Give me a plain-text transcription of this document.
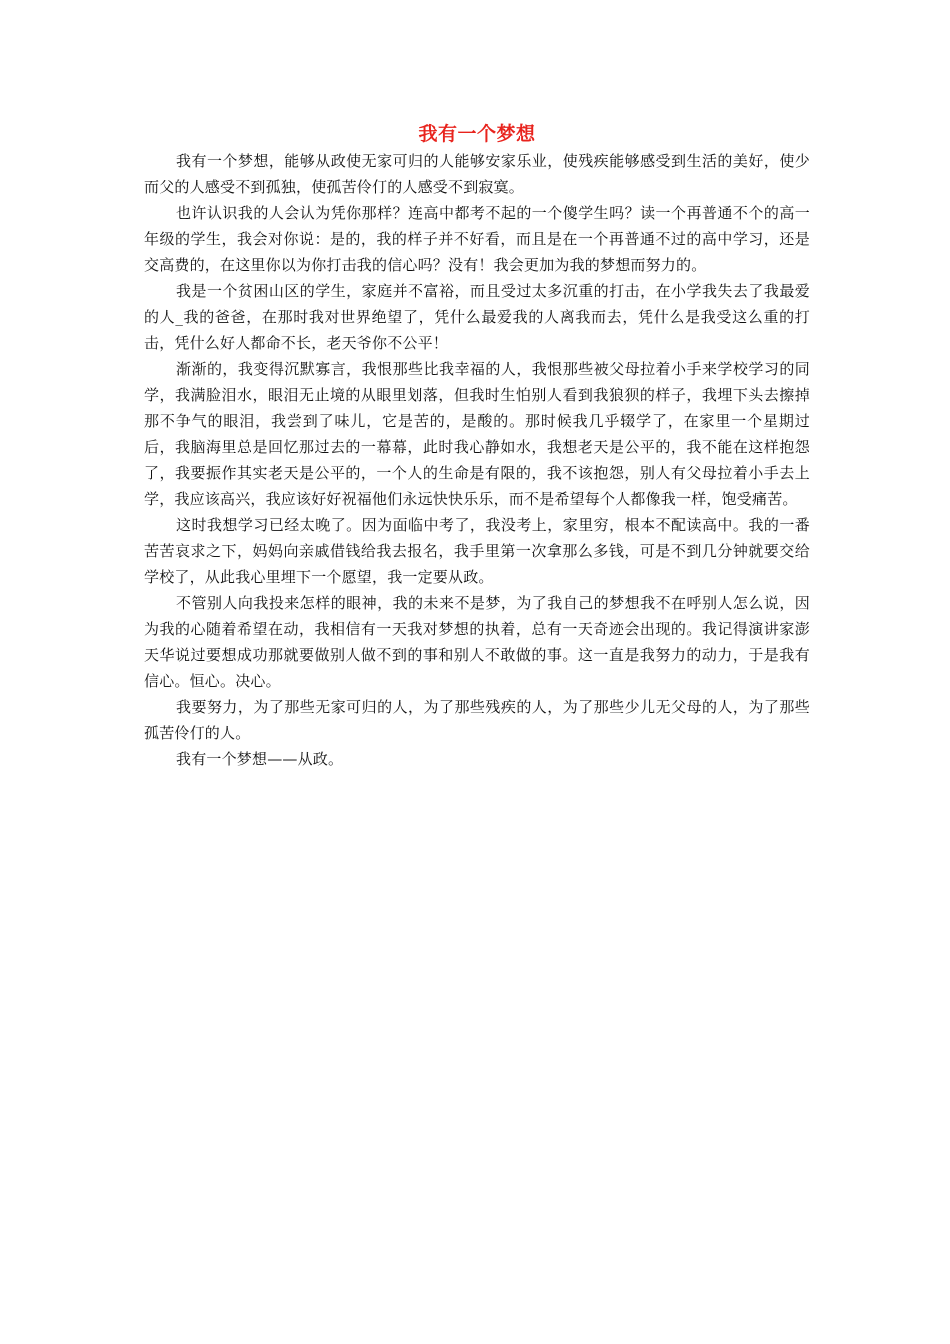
我有一个梦想

我有一个梦想，能够从政使无家可归的人能够安家乐业，使残疾能够感受到生活的美好，使少而父的人感受不到孤独，使孤苦伶仃的人感受不到寂寞。

也许认识我的人会认为凭你那样？连高中都考不起的一个傻学生吗？读一个再普通不个的高一年级的学生，我会对你说：是的，我的样子并不好看，而且是在一个再普通不过的高中学习，还是交高费的，在这里你以为你打击我的信心吗？没有！我会更加为我的梦想而努力的。

我是一个贫困山区的学生，家庭并不富裕，而且受过太多沉重的打击，在小学我失去了我最爱的人_我的爸爸，在那时我对世界绝望了，凭什么最爱我的人离我而去，凭什么是我受这么重的打击，凭什么好人都命不长，老天爷你不公平！

渐渐的，我变得沉默寡言，我恨那些比我幸福的人，我恨那些被父母拉着小手来学校学习的同学，我满脸泪水，眼泪无止境的从眼里划落，但我时生怕别人看到我狼狈的样子，我埋下头去擦掉那不争气的眼泪，我尝到了味儿，它是苦的，是酸的。那时候我几乎辍学了，在家里一个星期过后，我脑海里总是回忆那过去的一幕幕，此时我心静如水，我想老天是公平的，我不能在这样抱怨了，我要振作其实老天是公平的，一个人的生命是有限的，我不该抱怨，别人有父母拉着小手去上学，我应该高兴，我应该好好祝福他们永远快快乐乐，而不是希望每个人都像我一样，饱受痛苦。

这时我想学习已经太晚了。因为面临中考了，我没考上，家里穷，根本不配读高中。我的一番苦苦哀求之下，妈妈向亲戚借钱给我去报名，我手里第一次拿那么多钱，可是不到几分钟就要交给学校了，从此我心里埋下一个愿望，我一定要从政。

不管别人向我投来怎样的眼神，我的未来不是梦，为了我自己的梦想我不在呼别人怎么说，因为我的心随着希望在动，我相信有一天我对梦想的执着，总有一天奇迹会出现的。我记得演讲家澎天华说过要想成功那就要做别人做不到的事和别人不敢做的事。这一直是我努力的动力，于是我有信心。恒心。决心。

我要努力，为了那些无家可归的人，为了那些残疾的人，为了那些少儿无父母的人，为了那些孤苦伶仃的人。

我有一个梦想——从政。
